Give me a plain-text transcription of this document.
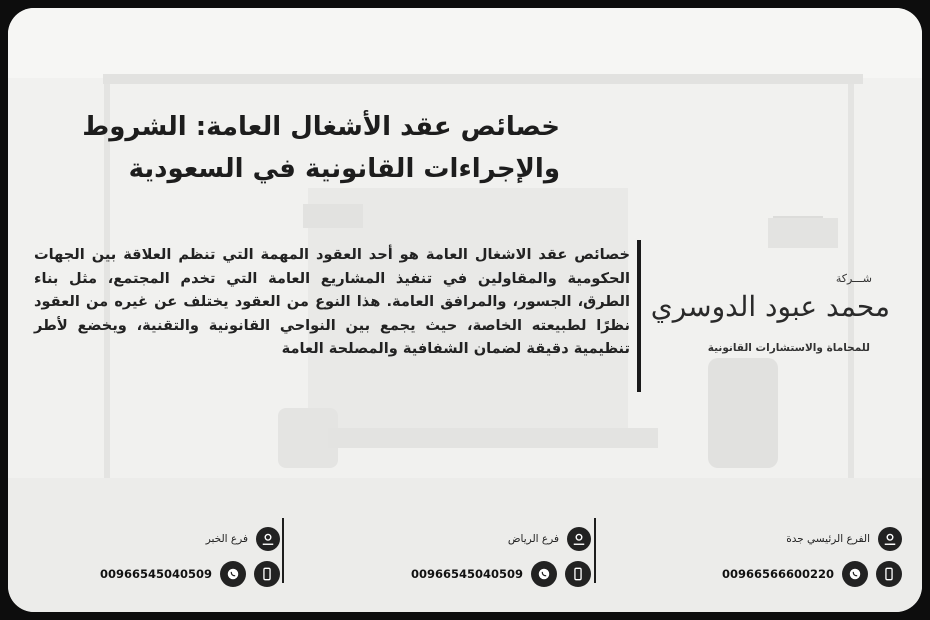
خصائص عقد الأشغال العامة: الشروط والإجراءات القانونية في السعودية
خصائص عقد الاشغال العامة هو أحد العقود المهمة التي تنظم العلاقة بين الجهات الحكومية والمقاولين في تنفيذ المشاريع العامة التي تخدم المجتمع، مثل بناء الطرق، الجسور، والمرافق العامة. هذا النوع من العقود يختلف عن غيره من العقود نظرًا لطبيعته الخاصة، حيث يجمع بين النواحي القانونية والتقنية، ويخضع لأطر تنظيمية دقيقة لضمان الشفافية والمصلحة العامة
شـــركة
محمد عبود الدوسري
للمحاماة والاستشارات القانونية
الفرع الرئيسي جدة
00966566600220
فرع الرياض
00966545040509
فرع الخبر
00966545040509
